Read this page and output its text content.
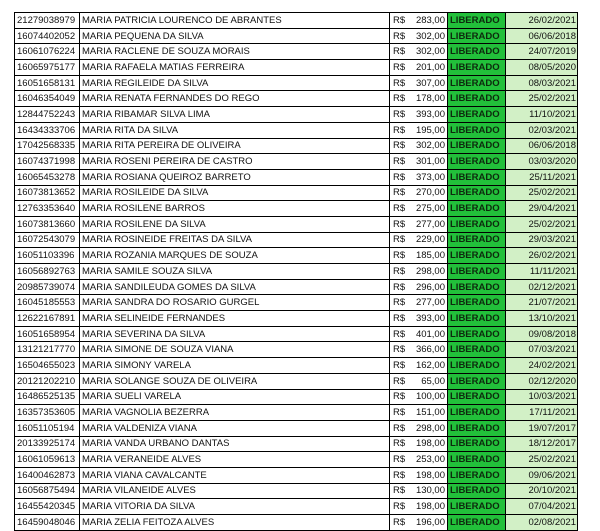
21279038979	MARIA PATRICIA LOURENCO DE ABRANTES	R$ 283,00	LIBERADO	26/02/2021
16074402052	MARIA PEQUENA DA SILVA	R$ 302,00	LIBERADO	06/06/2018
16061076224	MARIA RACLENE DE SOUZA MORAIS	R$ 302,00	LIBERADO	24/07/2019
16065975177	MARIA RAFAELA MATIAS FERREIRA	R$ 201,00	LIBERADO	08/05/2020
16051658131	MARIA REGILEIDE DA SILVA	R$ 307,00	LIBERADO	08/03/2021
16046354049	MARIA RENATA FERNANDES DO REGO	R$ 178,00	LIBERADO	25/02/2021
12844752243	MARIA RIBAMAR SILVA LIMA	R$ 393,00	LIBERADO	11/10/2021
16434333706	MARIA RITA DA SILVA	R$ 195,00	LIBERADO	02/03/2021
17042568335	MARIA RITA PEREIRA DE OLIVEIRA	R$ 302,00	LIBERADO	06/06/2018
16074371998	MARIA ROSENI PEREIRA DE CASTRO	R$ 301,00	LIBERADO	03/03/2020
16065453278	MARIA ROSIANA QUEIROZ BARRETO	R$ 373,00	LIBERADO	25/11/2021
16073813652	MARIA ROSILEIDE DA SILVA	R$ 270,00	LIBERADO	25/02/2021
12763353640	MARIA ROSILENE BARROS	R$ 275,00	LIBERADO	29/04/2021
16073813660	MARIA ROSILENE DA SILVA	R$ 277,00	LIBERADO	25/02/2021
16072543079	MARIA ROSINEIDE FREITAS DA SILVA	R$ 229,00	LIBERADO	29/03/2021
16051103396	MARIA ROZANIA MARQUES DE SOUZA	R$ 185,00	LIBERADO	26/02/2021
16056892763	MARIA SAMILE SOUZA SILVA	R$ 298,00	LIBERADO	11/11/2021
20985739074	MARIA SANDILEUDA GOMES DA SILVA	R$ 296,00	LIBERADO	02/12/2021
16045185553	MARIA SANDRA DO ROSARIO GURGEL	R$ 277,00	LIBERADO	21/07/2021
12622167891	MARIA SELINEIDE FERNANDES	R$ 393,00	LIBERADO	13/10/2021
16051658954	MARIA SEVERINA DA SILVA	R$ 401,00	LIBERADO	09/08/2018
13121217770	MARIA SIMONE DE SOUZA VIANA	R$ 366,00	LIBERADO	07/03/2021
16504655023	MARIA SIMONY VARELA	R$ 162,00	LIBERADO	24/02/2021
20121202210	MARIA SOLANGE SOUZA DE OLIVEIRA	R$ 65,00	LIBERADO	02/12/2020
16486525135	MARIA SUELI VARELA	R$ 100,00	LIBERADO	10/03/2021
16357353605	MARIA VAGNOLIA BEZERRA	R$ 151,00	LIBERADO	17/11/2021
16051105194	MARIA VALDENIZA VIANA	R$ 298,00	LIBERADO	19/07/2017
20133925174	MARIA VANDA URBANO DANTAS	R$ 198,00	LIBERADO	18/12/2017
16061059613	MARIA VERANEIDE ALVES	R$ 253,00	LIBERADO	25/02/2021
16400462873	MARIA VIANA CAVALCANTE	R$ 198,00	LIBERADO	09/06/2021
16056875494	MARIA VILANEIDE ALVES	R$ 130,00	LIBERADO	20/10/2021
16455420345	MARIA VITORIA DA SILVA	R$ 198,00	LIBERADO	07/04/2021
16459048046	MARIA ZELIA FEITOZA ALVES	R$ 196,00	LIBERADO	02/08/2021
